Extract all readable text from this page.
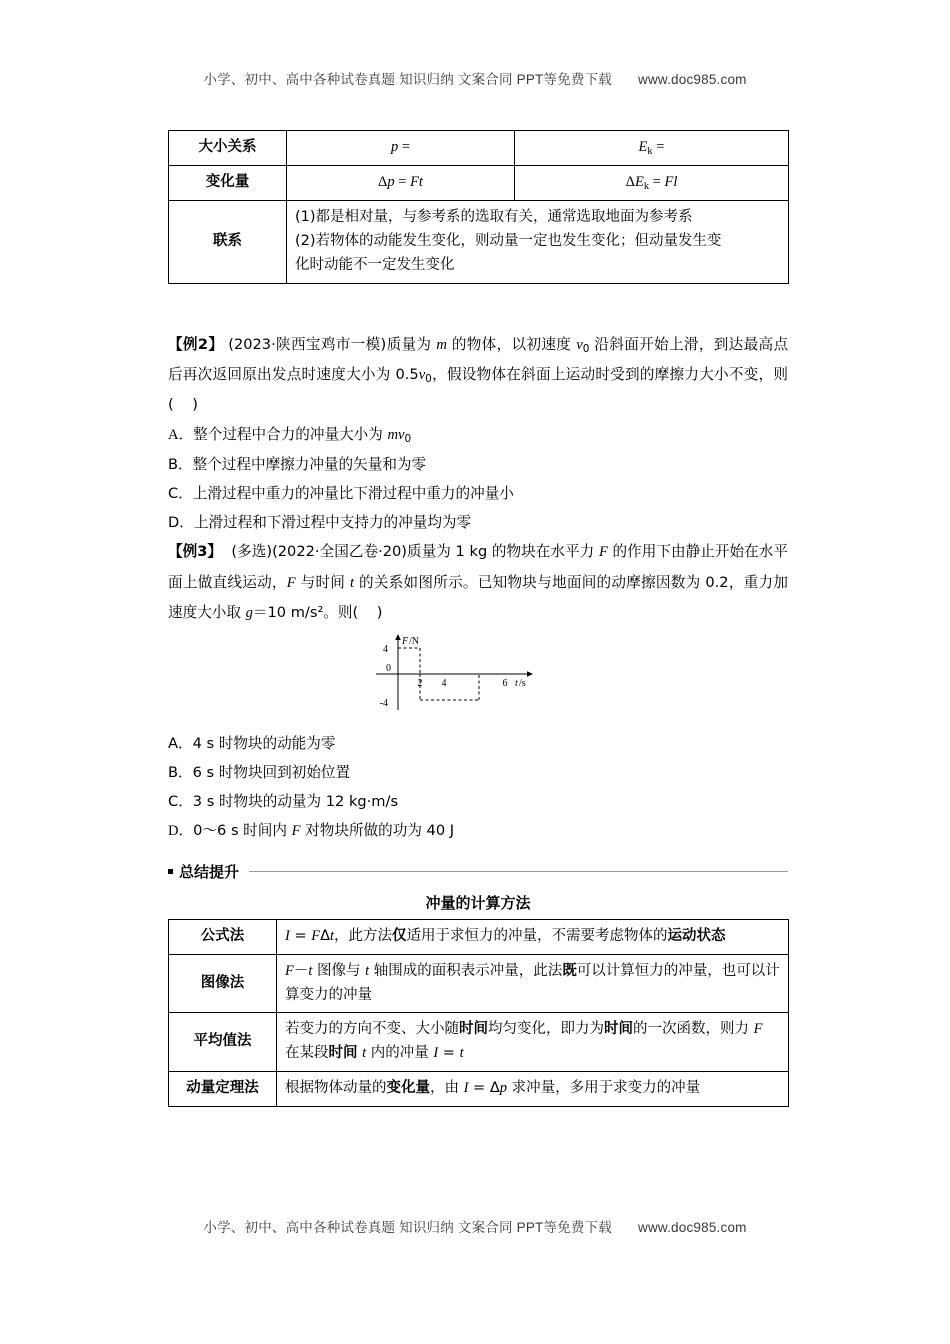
小学、初中、高中各种试卷真题 知识归纳 文案合同 PPT等免费下载 www.doc985.com
大小关系	p =	$E_k$ =
变化量	Δp = Ft	$\Delta E_k = Fl$
联系	(1)都是相对量，与参考系的选取有关，通常选取地面为参考系
(2)若物体的动能发生变化，则动量一定也发生变化；但动量发生变
化时动能不一定发生变化	

【例2】 (2023·陕西宝鸡市一模)质量为 m 的物体，以初速度 $v_0$ 沿斜面开始上滑，到达最高点后再次返回原出发点时速度大小为 $0.5v_0$，假设物体在斜面上运动时受到的摩擦力大小不变，则(    )

A．整个过程中合力的冲量大小为 $mv_0$

B．整个过程中摩擦力冲量的矢量和为零

C．上滑过程中重力的冲量比下滑过程中重力的冲量小

D．上滑过程和下滑过程中支持力的冲量均为零

【例3】 (多选)(2022·全国乙卷·20)质量为 1 kg 的物块在水平力 F 的作用下由静止开始在水平面上做直线运动，F 与时间 t 的关系如图所示。已知物块与地面间的动摩擦因数为 0.2，重力加速度大小取 g＝10 m/s²。则(    )

4
0
-4
F /N
t /s
2 4	6

A．4 s 时物块的动能为零

B．6 s 时物块回到初始位置

C．3 s 时物块的动量为 12 kg·m/s

D．0～6 s 时间内 F 对物块所做的功为 40 J

总结提升
冲量的计算方法
公式法	I = FΔt，此方法仅适用于求恒力的冲量，不需要考虑物体的运动状态
图像法	F－t 图像与 t 轴围成的面积表示冲量，此法既可以计算恒力的冲量，也可以计算变力的冲量
平均值法	若变力的方向不变、大小随时间均匀变化，即力为时间的一次函数，则力 F 在某段时间 t 内的冲量 I = t
动量定理法	根据物体动量的变化量，由 I = Δp 求冲量，多用于求变力的冲量
小学、初中、高中各种试卷真题 知识归纳 文案合同 PPT等免费下载 www.doc985.com
